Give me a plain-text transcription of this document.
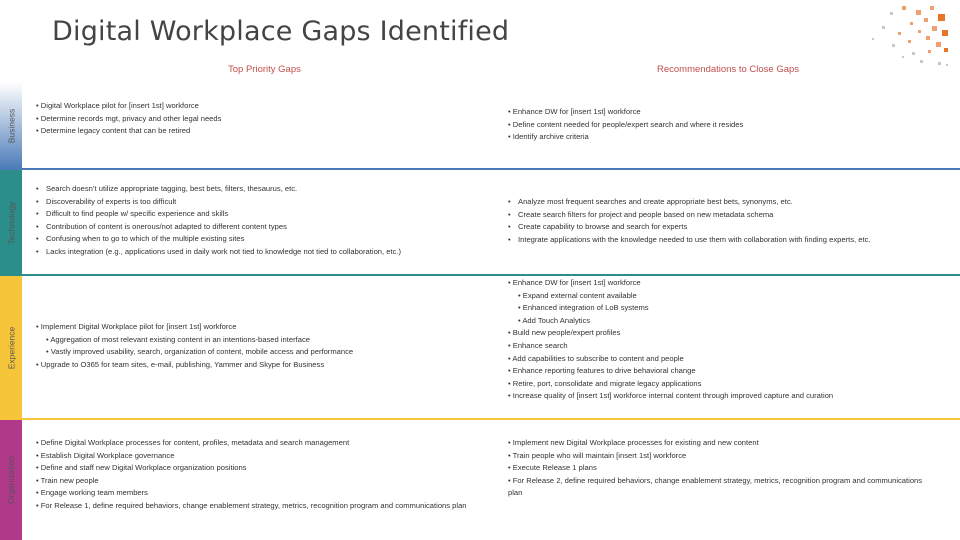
Digital Workplace Gaps Identified
Top Priority Gaps	Recommendations to Close Gaps
Business
• Digital Workplace pilot for [insert 1st] workforce
• Determine records mgt, privacy and other legal needs
• Determine legacy content that can be retired
• Enhance DW for [insert 1st] workforce
• Define content needed for people/expert search and where it resides
• Identify archive criteria
Technology
• Search doesn’t utilize appropriate tagging, best bets, filters, thesaurus, etc.
• Discoverability of experts is too difficult
• Difficult to find people w/ specific experience and skills
• Contribution of content is onerous/not adapted to different content types
• Confusing when to go to which of the multiple existing sites
• Lacks integration (e.g., applications used in daily work not tied to knowledge not tied to collaboration, etc.)
• Analyze most frequent searches and create appropriate best bets, synonyms, etc.
• Create search filters for project and people based on new metadata schema
• Create capability to browse and search for experts
• Integrate applications with the knowledge needed to use them with collaboration with finding experts, etc.
Experience
• Implement Digital Workplace pilot for [insert 1st] workforce
• Aggregation of most relevant existing content in an intentions-based interface
• Vastly improved usability, search, organization of content, mobile access and performance
• Upgrade to O365 for team sites, e-mail, publishing, Yammer and Skype for Business
• Enhance DW for [insert 1st] workforce
• Expand external content available
• Enhanced integration of LoB systems
• Add Touch Analytics
• Build new people/expert profiles
• Enhance search
• Add capabilities to subscribe to content and people
• Enhance reporting features to drive behavioral change
• Retire, port, consolidate and migrate legacy applications
• Increase quality of [insert 1st] workforce internal content through improved capture and curation
Organization
• Define Digital Workplace processes for content, profiles, metadata and search management
• Establish Digital Workplace governance
• Define and staff new Digital Workplace organization positions
• Train new people
• Engage working team members
• For Release 1, define required behaviors, change enablement strategy, metrics, recognition program and communications plan
• Implement new Digital Workplace processes for existing and new content
• Train people who will maintain [insert 1st] workforce
• Execute Release 1 plans
• For Release 2, define required behaviors, change enablement strategy, metrics, recognition program and communications plan
